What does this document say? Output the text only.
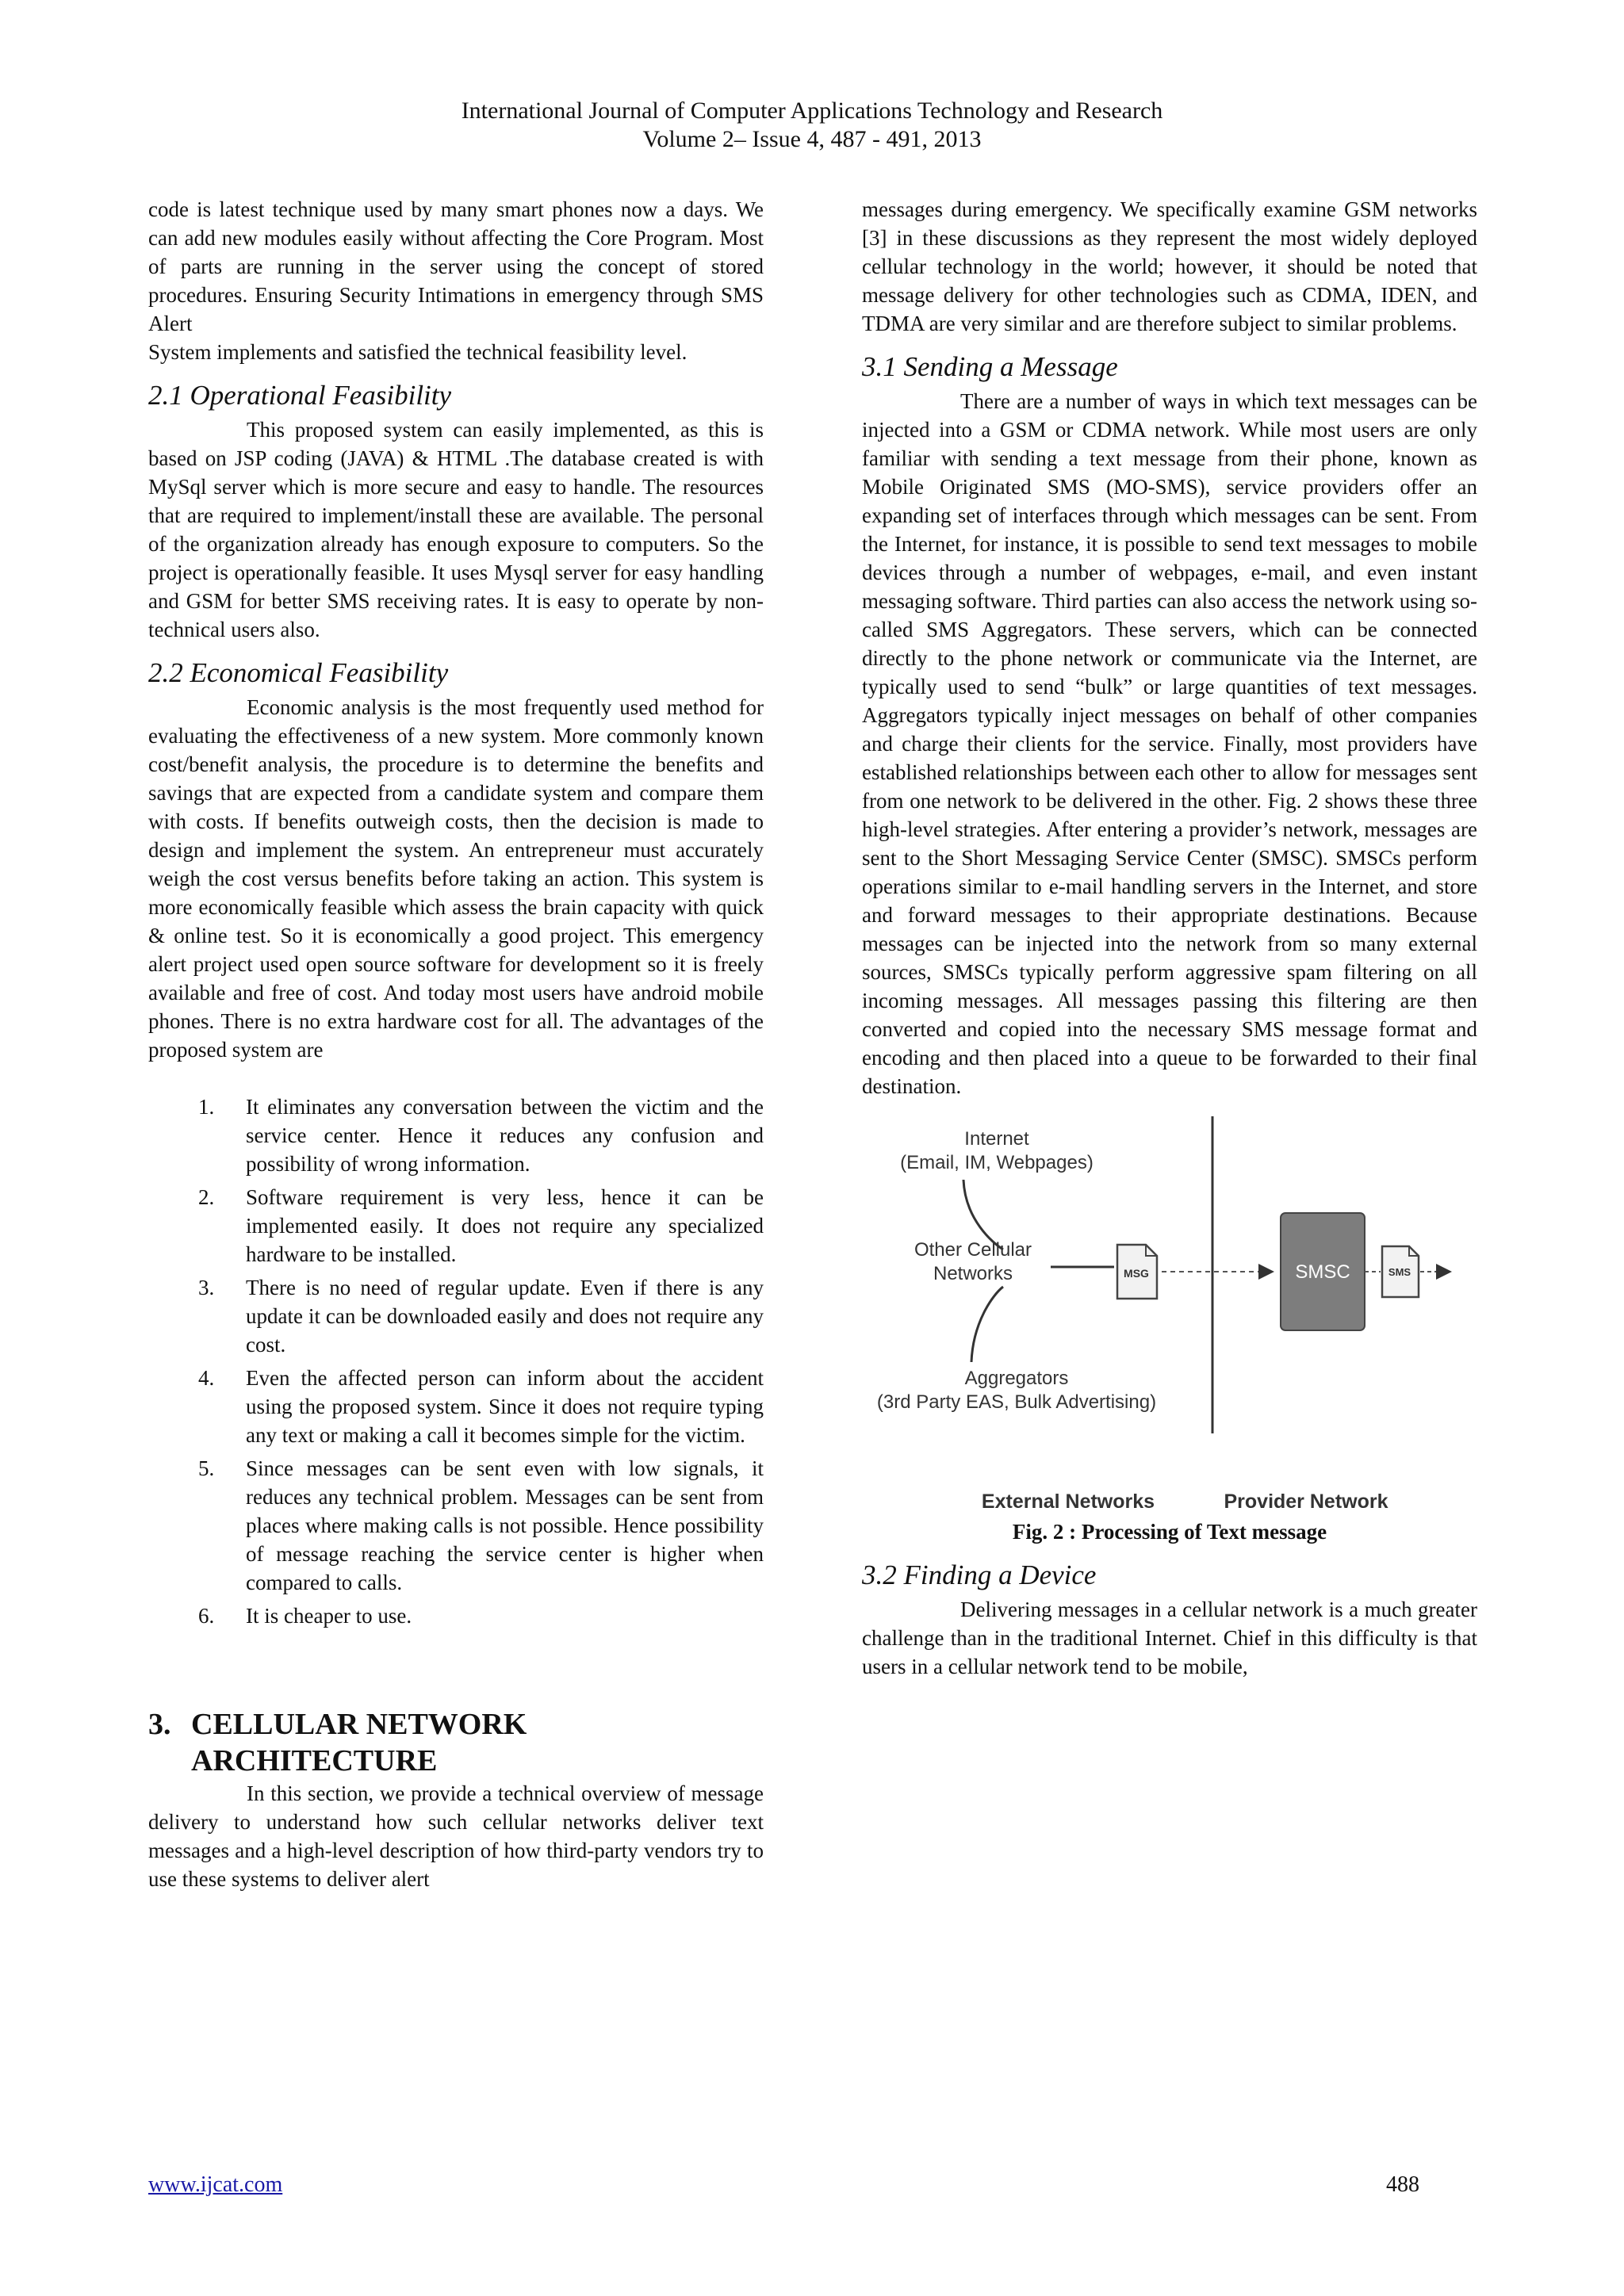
International Journal of Computer Applications Technology and Research
Volume 2– Issue 4, 487 - 491, 2013

code is latest technique used by many smart phones now a days. We can add new modules easily without affecting the Core Program. Most of parts are running in the server using the concept of stored procedures. Ensuring Security Intimations in emergency through SMS Alert

System implements and satisfied the technical feasibility level.

2.1 Operational Feasibility

This proposed system can easily implemented, as this is based on JSP coding (JAVA) & HTML .The database created is with MySql server which is more secure and easy to handle. The resources that are required to implement/install these are available. The personal of the organization already has enough exposure to computers. So the project is operationally feasible. It uses Mysql server for easy handling and GSM for better SMS receiving rates. It is easy to operate by non-technical users also.

2.2 Economical Feasibility

Economic analysis is the most frequently used method for evaluating the effectiveness of a new system. More commonly known cost/benefit analysis, the procedure is to determine the benefits and savings that are expected from a candidate system and compare them with costs. If benefits outweigh costs, then the decision is made to design and implement the system. An entrepreneur must accurately weigh the cost versus benefits before taking an action. This system is more economically feasible which assess the brain capacity with quick & online test. So it is economically a good project. This emergency alert project used open source software for development so it is freely available and free of cost. And today most users have android mobile phones. There is no extra hardware cost for all. The advantages of the proposed system are

1.	It eliminates any conversation between the victim and the service center. Hence it reduces any confusion and possibility of wrong information.
2.	Software requirement is very less, hence it can be implemented easily. It does not require any specialized hardware to be installed.
3.	There is no need of regular update. Even if there is any update it can be downloaded easily and does not require any cost.
4.	Even the affected person can inform about the accident using the proposed system. Since it does not require typing any text or making a call it becomes simple for the victim.
5.	Since messages can be sent even with low signals, it reduces any technical problem. Messages can be sent from places where making calls is not possible. Hence possibility of message reaching the service center is higher when compared to calls.
6.	It is cheaper to use.
3. CELLULAR NETWORK
ARCHITECTURE

In this section, we provide a technical overview of message delivery to understand how such cellular networks deliver text messages and a high-level description of how third-party vendors try to use these systems to deliver alert

messages during emergency. We specifically examine GSM networks [3] in these discussions as they represent the most widely deployed cellular technology in the world; however, it should be noted that message delivery for other technologies such as CDMA, IDEN, and TDMA are very similar and are therefore subject to similar problems.

3.1 Sending a Message

There are a number of ways in which text messages can be injected into a GSM or CDMA network. While most users are only familiar with sending a text message from their phone, known as Mobile Originated SMS (MO-SMS), service providers offer an expanding set of interfaces through which messages can be sent. From the Internet, for instance, it is possible to send text messages to mobile devices through a number of webpages, e-mail, and even instant messaging software. Third parties can also access the network using so-called SMS Aggregators. These servers, which can be connected directly to the phone network or communicate via the Internet, are typically used to send “bulk” or large quantities of text messages. Aggregators typically inject messages on behalf of other companies and charge their clients for the service. Finally, most providers have established relationships between each other to allow for messages sent from one network to be delivered in the other. Fig. 2 shows these three high-level strategies. After entering a provider’s network, messages are sent to the Short Messaging Service Center (SMSC). SMSCs perform operations similar to e-mail handling servers in the Internet, and store and forward messages to their appropriate destinations. Because messages can be injected into the network from so many external sources, SMSCs typically perform aggressive spam filtering on all incoming messages. All messages passing this filtering are then converted and copied into the necessary SMS message format and encoding and then placed into a queue to be forwarded to their final destination.

Internet
(Email, IM, Webpages)
Other Cellular
Networks
Aggregators
(3rd Party EAS, Bulk Advertising)
MSG	SMSC	SMS
External Networks	Provider Network
Fig. 2 : Processing of Text message
3.2 Finding a Device

Delivering messages in a cellular network is a much greater challenge than in the traditional Internet. Chief in this difficulty is that users in a cellular network tend to be mobile,

www.ijcat.com	488
